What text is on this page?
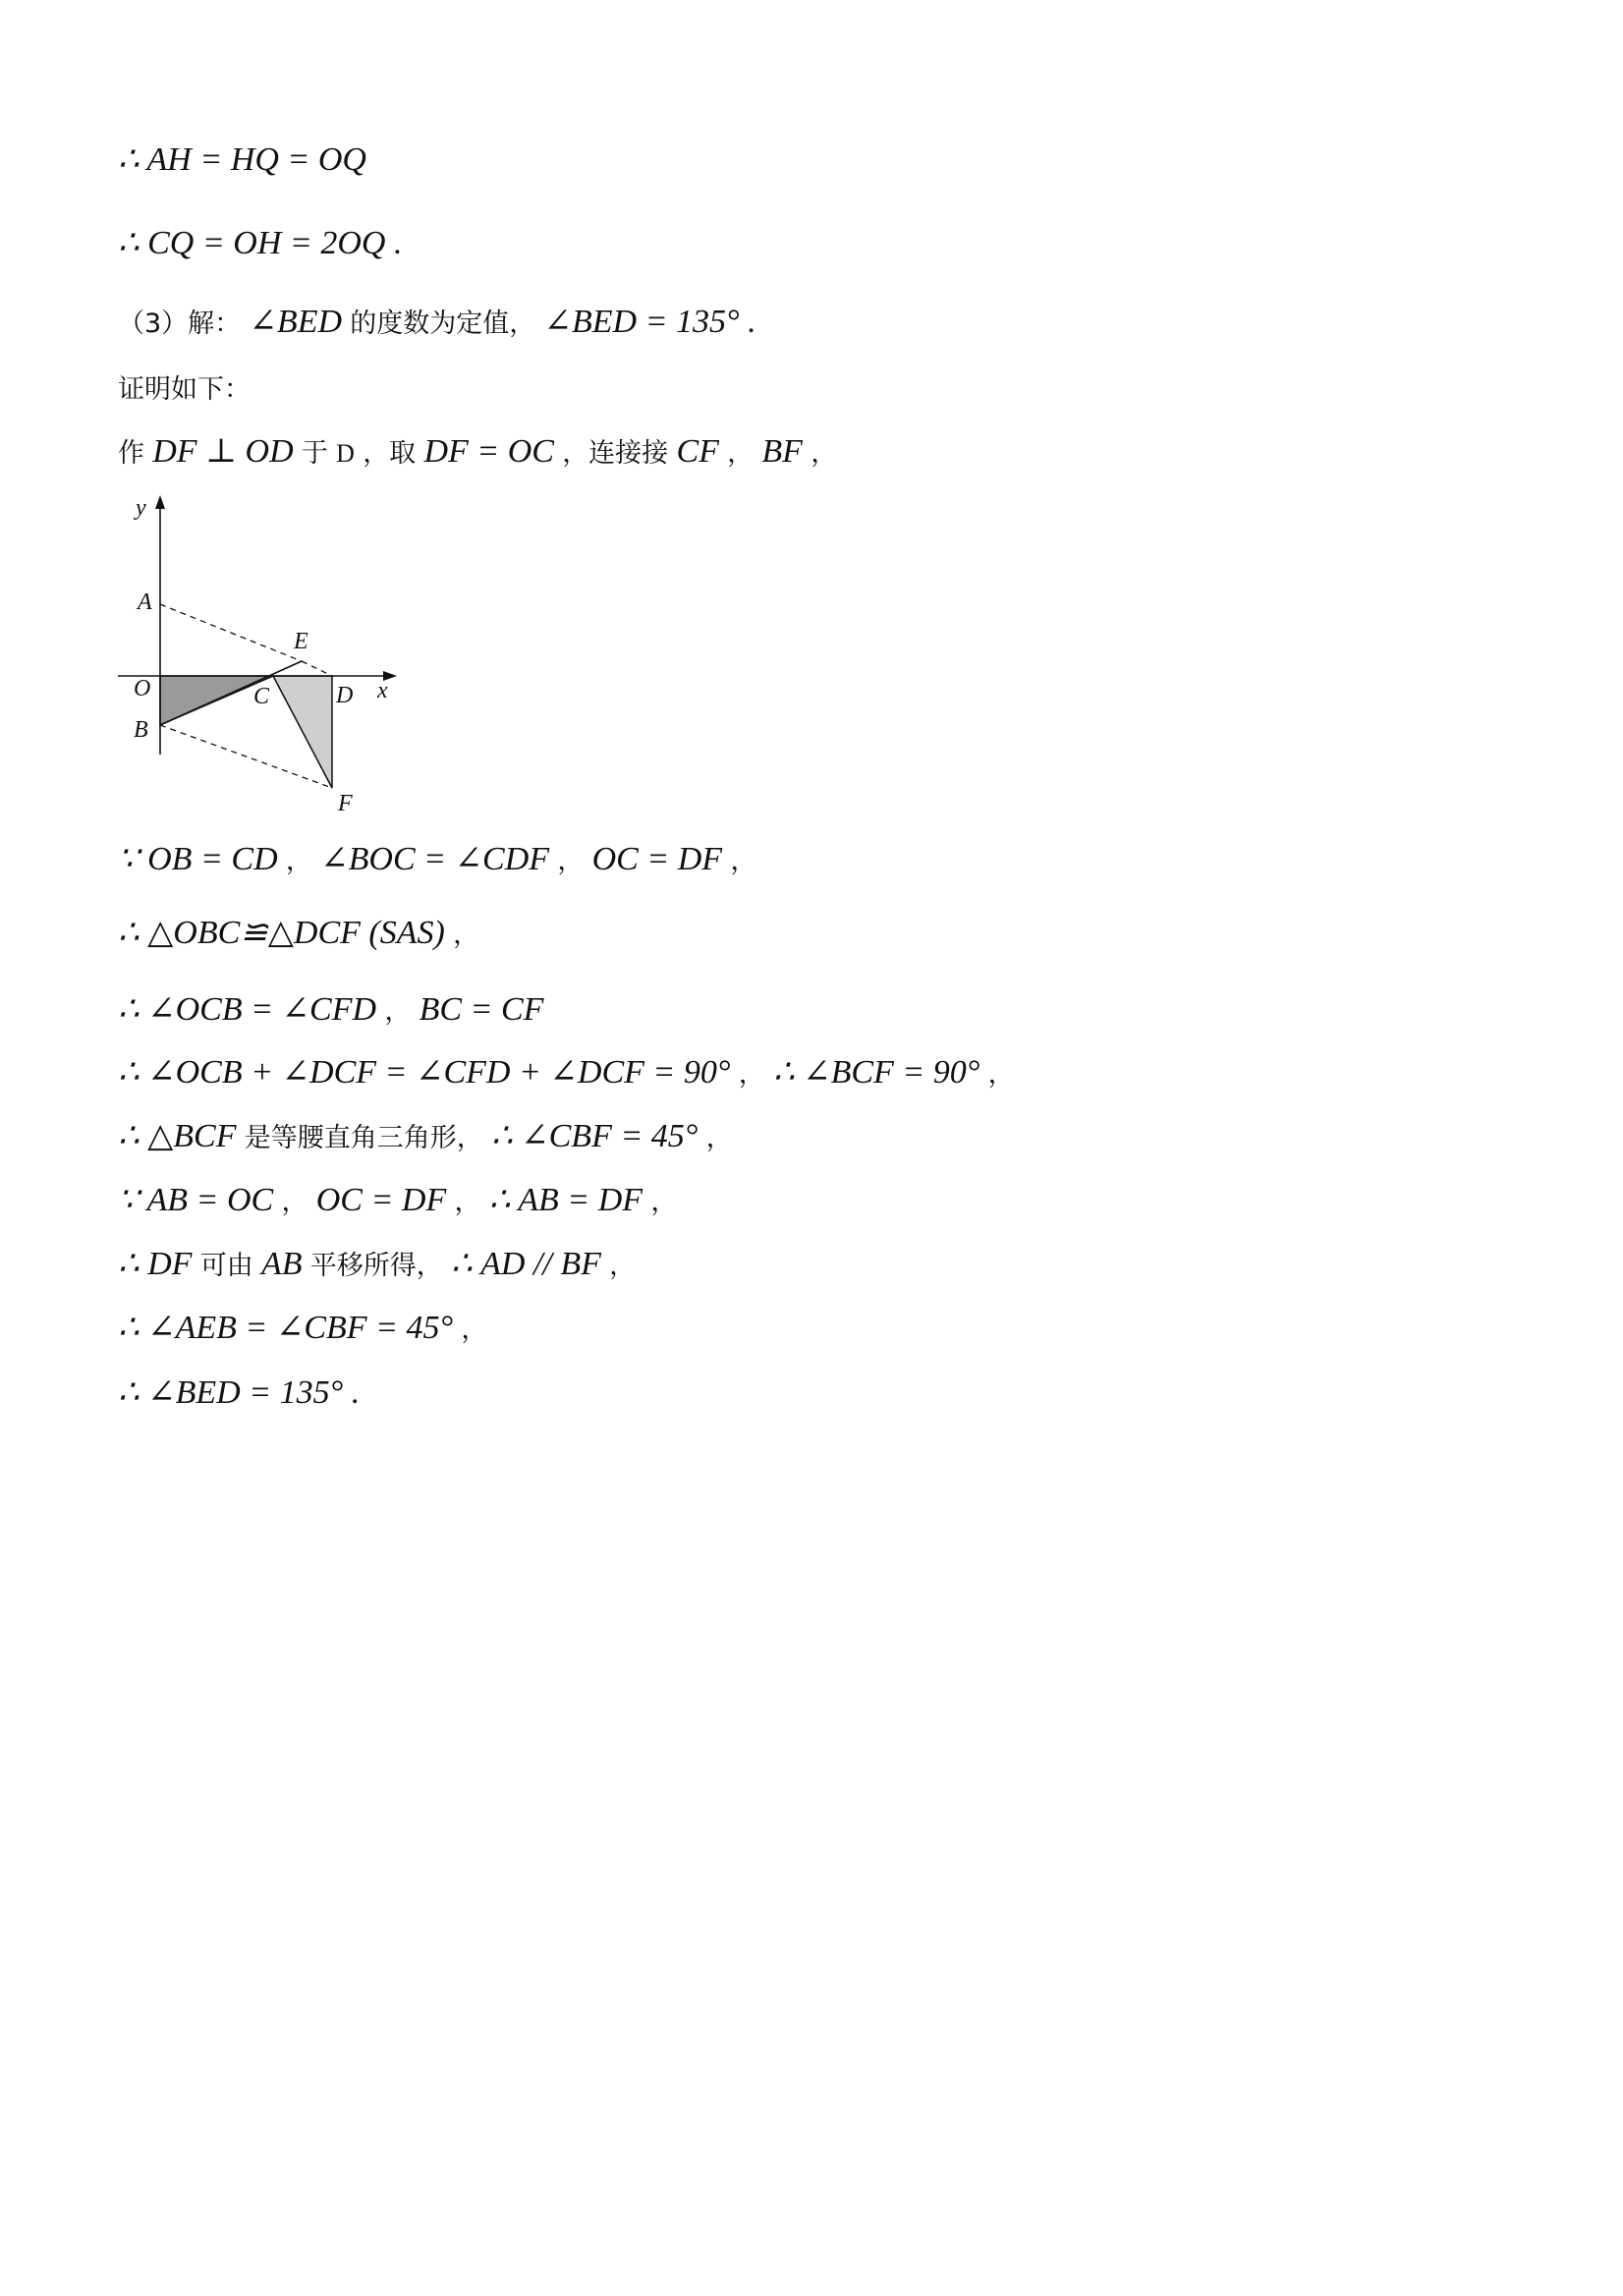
∴ AH = HQ = OQ
∴ CQ = OH = 2OQ .
（3）解： ∠BED 的度数为定值， ∠BED = 135° .
证明如下：
作 DF ⊥ OD 于 D ，取 DF = OC ，连接接 CF ， BF ，
y
A
E
O	C	D x
B
F
∵ OB = CD ， ∠BOC = ∠CDF ， OC = DF ，
∴ △OBC≌△DCF (SAS) ，
∴ ∠OCB = ∠CFD ， BC = CF
∴ ∠OCB + ∠DCF = ∠CFD + ∠DCF = 90° ， ∴ ∠BCF = 90° ，
∴ △BCF 是等腰直角三角形， ∴ ∠CBF = 45° ，
∵ AB = OC ， OC = DF ， ∴ AB = DF ，
∴ DF 可由 AB 平移所得， ∴ AD // BF ，
∴ ∠AEB = ∠CBF = 45° ，
∴ ∠BED = 135° .
